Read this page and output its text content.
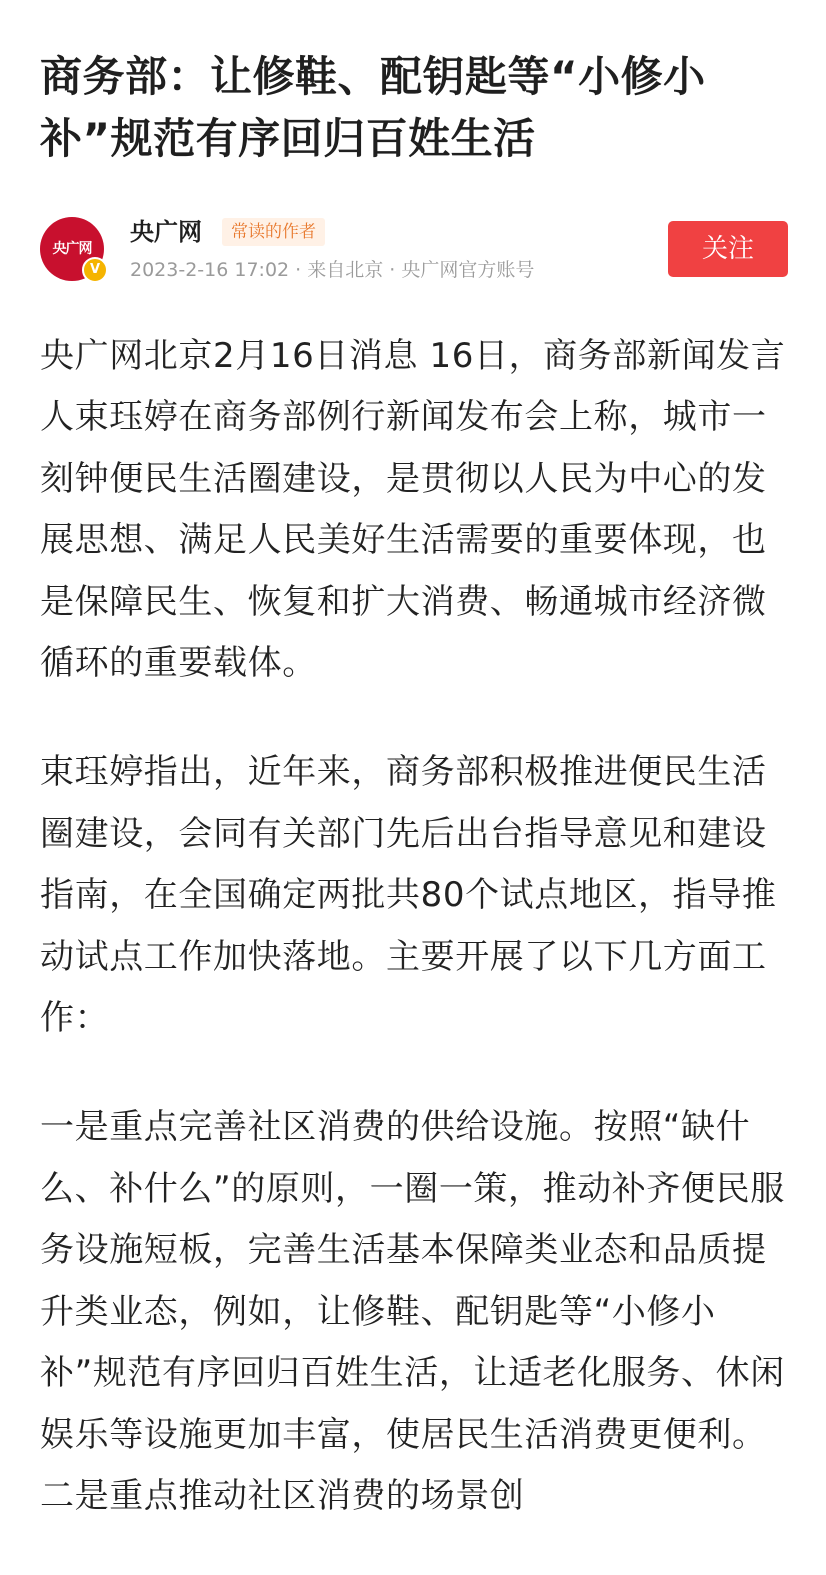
商务部：让修鞋、配钥匙等“小修小补”规范有序回归百姓生活
央广网
V
央广网	常读的作者
2023-2-16 17:02 · 来自北京 · 央广网官方账号
关注

央广网北京2月16日消息 16日，商务部新闻发言人束珏婷在商务部例行新闻发布会上称，城市一刻钟便民生活圈建设，是贯彻以人民为中心的发展思想、满足人民美好生活需要的重要体现，也是保障民生、恢复和扩大消费、畅通城市经济微循环的重要载体。

束珏婷指出，近年来，商务部积极推进便民生活圈建设，会同有关部门先后出台指导意见和建设指南，在全国确定两批共80个试点地区，指导推动试点工作加快落地。主要开展了以下几方面工作：

一是重点完善社区消费的供给设施。按照“缺什么、补什么”的原则，一圈一策，推动补齐便民服务设施短板，完善生活基本保障类业态和品质提升类业态，例如，让修鞋、配钥匙等“小修小补”规范有序回归百姓生活，让适老化服务、休闲娱乐等设施更加丰富，使居民生活消费更便利。二是重点推动社区消费的场景创
